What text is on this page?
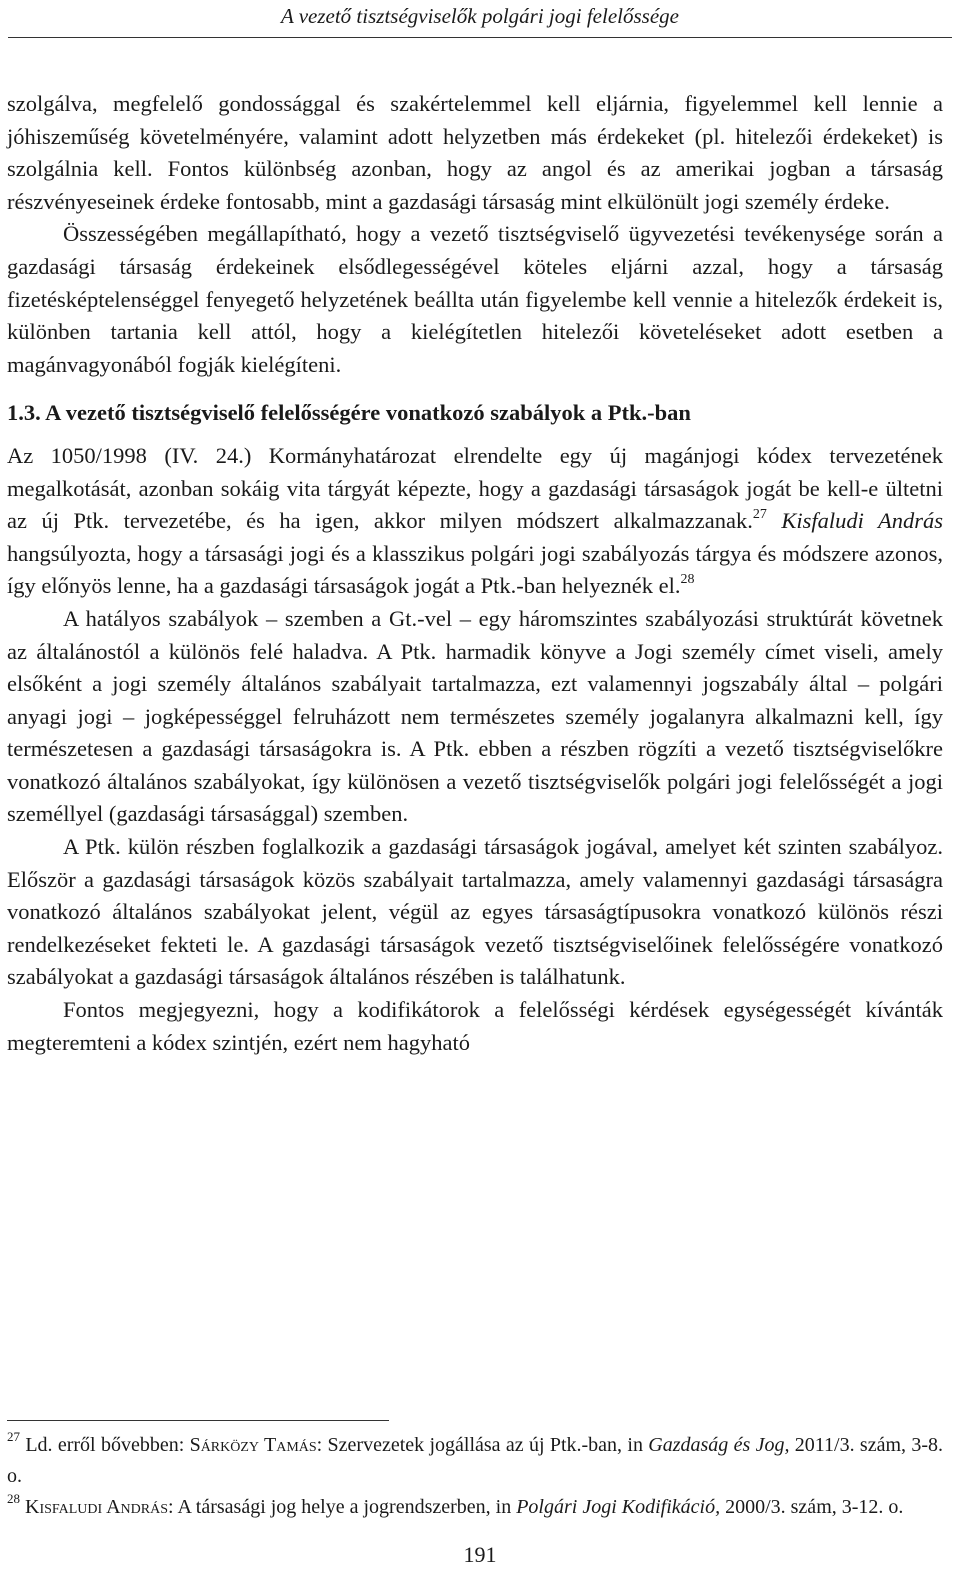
A vezető tisztségviselők polgári jogi felelőssége

szolgálva, megfelelő gondossággal és szakértelemmel kell eljárnia, figyelemmel kell lennie a jóhiszeműség követelményére, valamint adott helyzetben más érdekeket (pl. hitelezői érdekeket) is szolgálnia kell. Fontos különbség azonban, hogy az angol és az amerikai jogban a társaság részvényeseinek érdeke fontosabb, mint a gazdasági társaság mint elkülönült jogi személy érdeke.

Összességében megállapítható, hogy a vezető tisztségviselő ügyvezetési tevékenysége során a gazdasági társaság érdekeinek elsődlegességével köteles eljárni azzal, hogy a társaság fizetésképtelenséggel fenyegető helyzetének beállta után figyelembe kell vennie a hitelezők érdekeit is, különben tartania kell attól, hogy a kielégítetlen hitelezői követeléseket adott esetben a magánvagyonából fogják kielégíteni.

1.3. A vezető tisztségviselő felelősségére vonatkozó szabályok a Ptk.-ban

Az 1050/1998 (IV. 24.) Kormányhatározat elrendelte egy új magánjogi kódex tervezetének megalkotását, azonban sokáig vita tárgyát képezte, hogy a gazdasági társaságok jogát be kell-e ültetni az új Ptk. tervezetébe, és ha igen, akkor milyen módszert alkalmazzanak.$^{27}$ Kisfaludi András hangsúlyozta, hogy a társasági jogi és a klasszikus polgári jogi szabályozás tárgya és módszere azonos, így előnyös lenne, ha a gazdasági társaságok jogát a Ptk.-ban helyeznék el.$^{28}$

A hatályos szabályok – szemben a Gt.-vel – egy háromszintes szabályozási struktúrát követnek az általánostól a különös felé haladva. A Ptk. harmadik könyve a Jogi személy címet viseli, amely elsőként a jogi személy általános szabályait tartalmazza, ezt valamennyi jogszabály által – polgári anyagi jogi – jogképességgel felruházott nem természetes személy jogalanyra alkalmazni kell, így természetesen a gazdasági társaságokra is. A Ptk. ebben a részben rögzíti a vezető tisztségviselőkre vonatkozó általános szabályokat, így különösen a vezető tisztségviselők polgári jogi felelősségét a jogi személlyel (gazdasági társasággal) szemben.

A Ptk. külön részben foglalkozik a gazdasági társaságok jogával, amelyet két szinten szabályoz. Először a gazdasági társaságok közös szabályait tartalmazza, amely valamennyi gazdasági társaságra vonatkozó általános szabályokat jelent, végül az egyes társaságtípusokra vonatkozó különös részi rendelkezéseket fekteti le. A gazdasági társaságok vezető tisztségviselőinek felelősségére vonatkozó szabályokat a gazdasági társaságok általános részében is találhatunk.

Fontos megjegyezni, hogy a kodifikátorok a felelősségi kérdések egységességét kívánták megteremteni a kódex szintjén, ezért nem hagyható

$^{27}$ Ld. erről bővebben: Sárközy Tamás: Szervezetek jogállása az új Ptk.-ban, in Gazdaság és Jog, 2011/3. szám, 3-8. o.

$^{28}$ Kisfaludi András: A társasági jog helye a jogrendszerben, in Polgári Jogi Kodifikáció, 2000/3. szám, 3-12. o.

191
